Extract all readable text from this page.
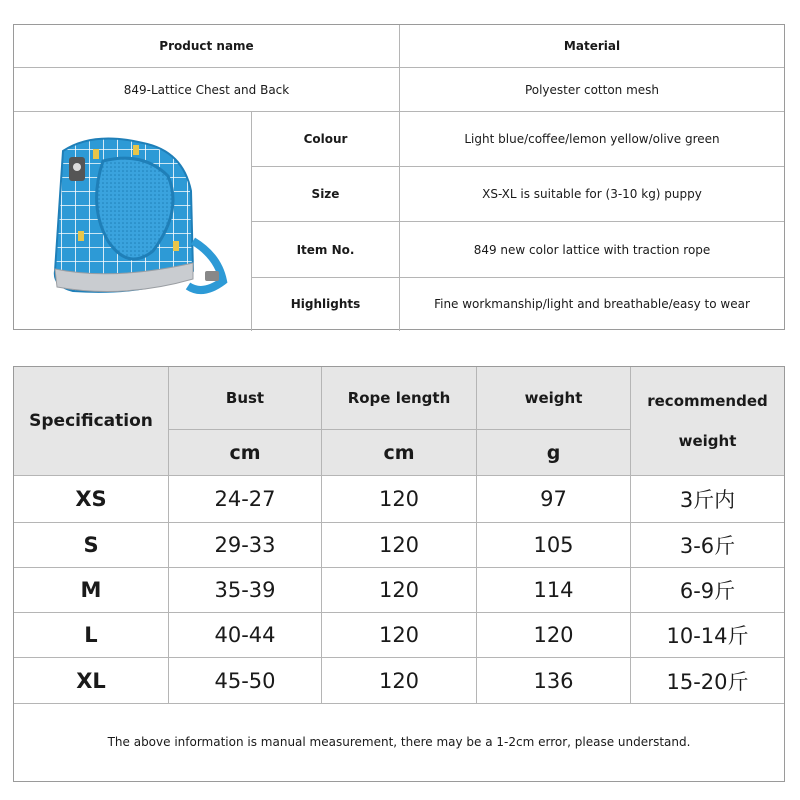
Product name	Material
849-Lattice Chest and Back	Polyester cotton mesh
Colour	Light blue/coffee/lemon yellow/olive green
Size	XS-XL is suitable for (3-10 kg) puppy
Item No.	849 new color lattice with traction rope
Highlights	Fine workmanship/light and breathable/easy to wear
Specification
Bust	Rope length	weight	recommended weight
cm	cm	g
XS	24-27	120	97	3斤内
S	29-33	120	105	3-6斤
M	35-39	120	114	6-9斤
L	40-44	120	120	10-14斤
XL	45-50	120	136	15-20斤
The above information is manual measurement, there may be a 1-2cm error, please understand.
